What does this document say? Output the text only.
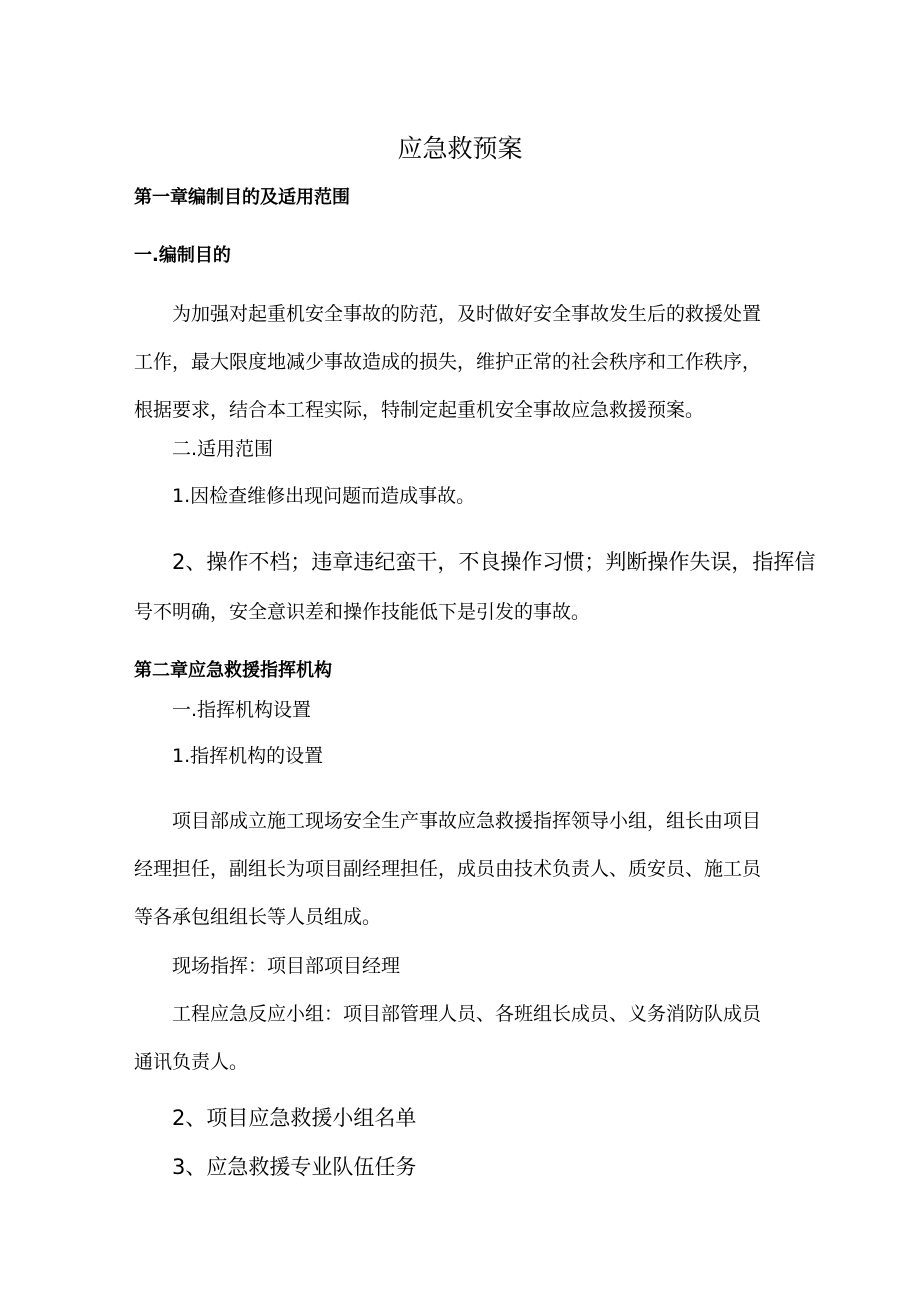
应急救预案
第一章编制目的及适用范围
一.编制目的
为加强对起重机安全事故的防范，及时做好安全事故发生后的救援处置
工作，最大限度地减少事故造成的损失，维护正常的社会秩序和工作秩序，
根据要求，结合本工程实际，特制定起重机安全事故应急救援预案。
二.适用范围
1.因检查维修出现问题而造成事故。
2、操作不档；违章违纪蛮干，不良操作习惯；判断操作失误，指挥信
号不明确，安全意识差和操作技能低下是引发的事故。
第二章应急救援指挥机构
一.指挥机构设置
1.指挥机构的设置
项目部成立施工现场安全生产事故应急救援指挥领导小组，组长由项目
经理担任，副组长为项目副经理担任，成员由技术负责人、质安员、施工员
等各承包组组长等人员组成。
现场指挥：项目部项目经理
工程应急反应小组：项目部管理人员、各班组长成员、义务消防队成员
通讯负责人。
2、项目应急救援小组名单
3、应急救援专业队伍任务
